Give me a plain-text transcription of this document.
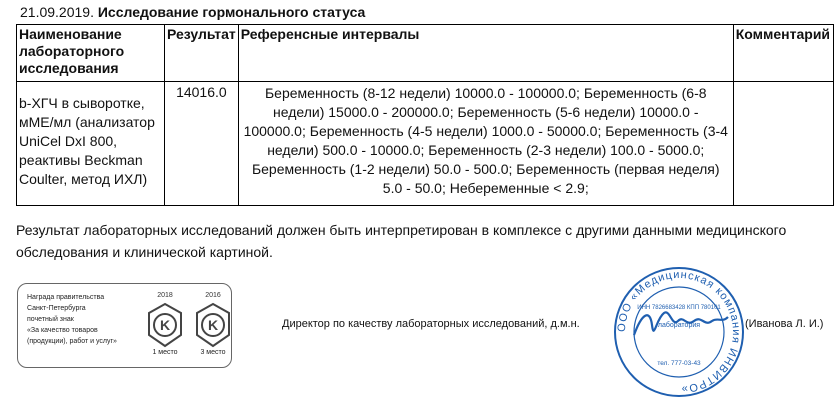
21.09.2019. Исследование гормонального статуса
Наименование лабораторного исследования	Результат	Референсные интервалы	Комментарий
b-ХГЧ в сыворотке, мМЕ/мл (анализатор UniCel DxI 800, реактивы Beckman Coulter, метод ИХЛ)	14016.0	Беременность (8-12 недели) 10000.0 - 100000.0; Беременность (6-8 недели) 15000.0 - 200000.0; Беременность (5-6 недели) 10000.0 - 100000.0; Беременность (4-5 недели) 1000.0 - 50000.0; Беременность (3-4 недели) 500.0 - 10000.0; Беременность (2-3 недели) 100.0 - 5000.0; Беременность (1-2 недели) 50.0 - 500.0; Беременность (первая неделя) 5.0 - 50.0; Небеременные < 2.9;	
Результат лабораторных исследований должен быть интерпретирован в комплексе с другими данными медицинского обследования и клинической картиной.
Награда правительства
Санкт-Петербурга
почетный знак
«За качество товаров
(продукции), работ и услуг»
2018
K
1 место
2016
K
3 место
Директор по качеству лабораторных исследований, д.м.н.	ООО «Медицинская компания ИНВИТРО»
ИНН 7826683428 КПП 780101
лаборатория
тел. 777-03-43
(Иванова Л. И.)
